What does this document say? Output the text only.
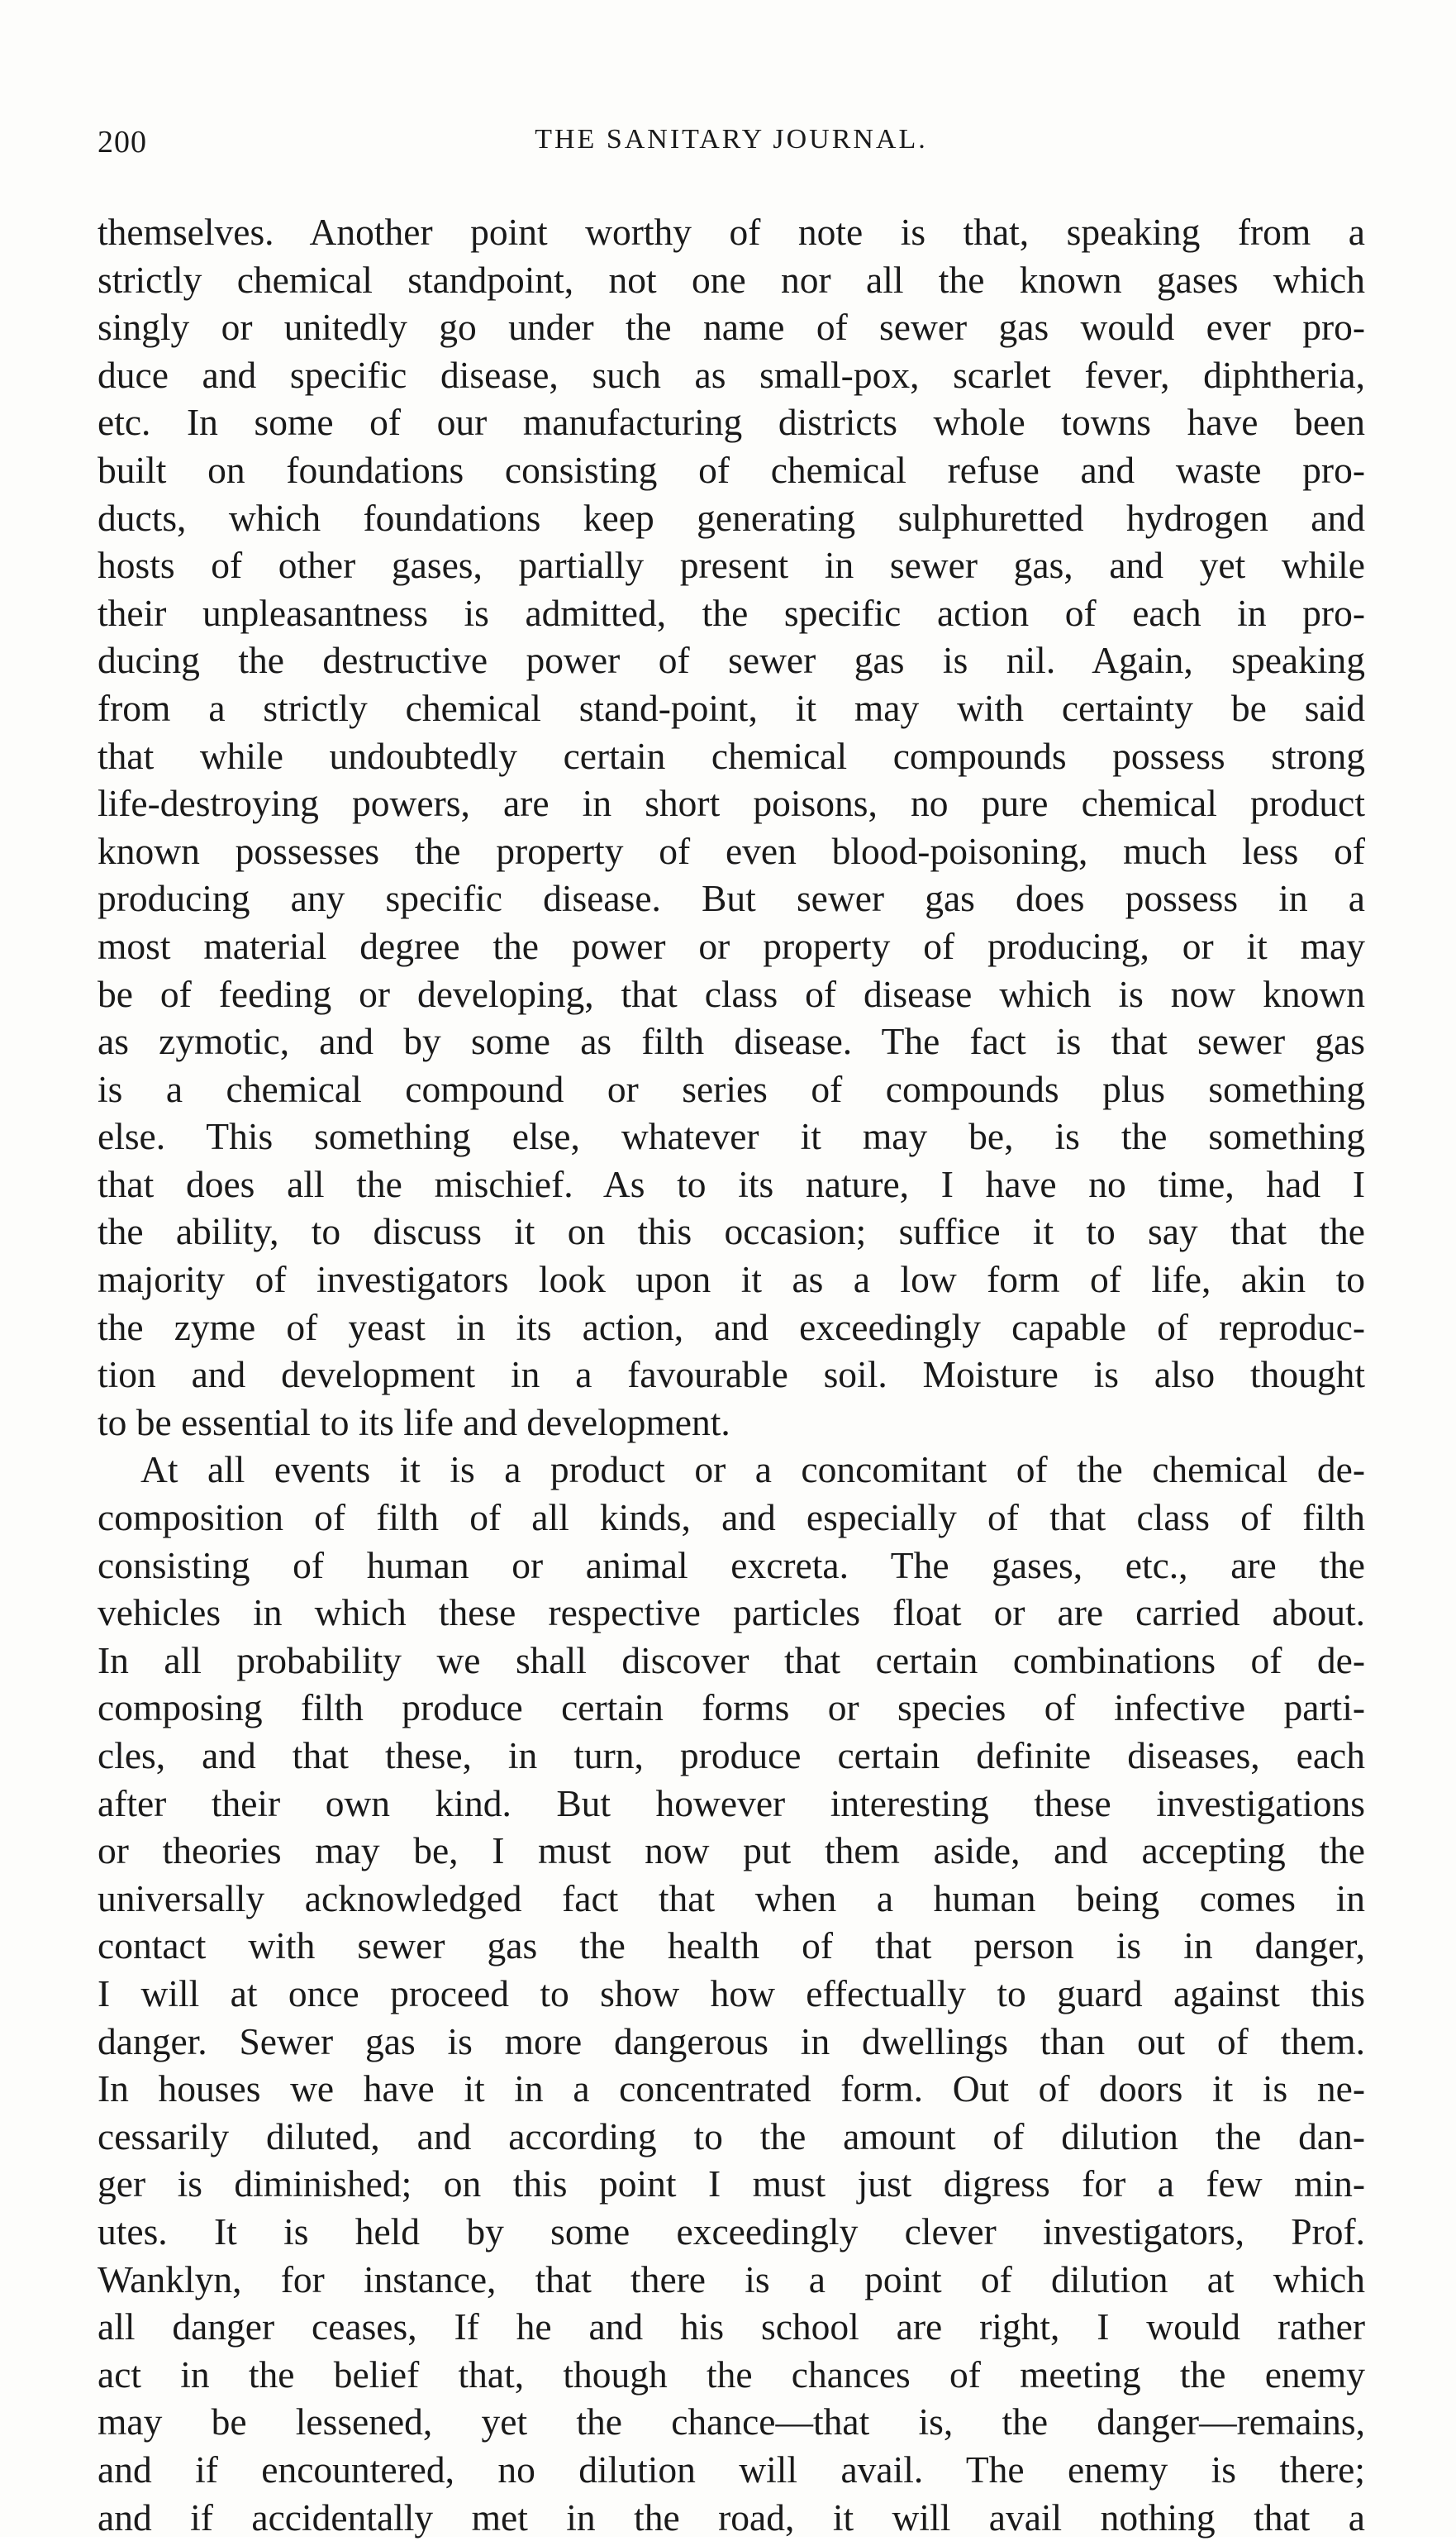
200	THE SANITARY JOURNAL.

themselves. Another point worthy of note is that, speaking from a

strictly chemical standpoint, not one nor all the known gases which

singly or unitedly go under the name of sewer gas would ever pro-

duce and specific disease, such as small-pox, scarlet fever, diphtheria,

etc. In some of our manufacturing districts whole towns have been

built on foundations consisting of chemical refuse and waste pro-

ducts, which foundations keep generating sulphuretted hydrogen and

hosts of other gases, partially present in sewer gas, and yet while

their unpleasantness is admitted, the specific action of each in pro-

ducing the destructive power of sewer gas is nil. Again, speaking

from a strictly chemical stand-point, it may with certainty be said

that while undoubtedly certain chemical compounds possess strong

life-destroying powers, are in short poisons, no pure chemical product

known possesses the property of even blood-poisoning, much less of

producing any specific disease. But sewer gas does possess in a

most material degree the power or property of producing, or it may

be of feeding or developing, that class of disease which is now known

as zymotic, and by some as filth disease. The fact is that sewer gas

is a chemical compound or series of compounds plus something

else. This something else, whatever it may be, is the something

that does all the mischief. As to its nature, I have no time, had I

the ability, to discuss it on this occasion; suffice it to say that the

majority of investigators look upon it as a low form of life, akin to

the zyme of yeast in its action, and exceedingly capable of reproduc-

tion and development in a favourable soil. Moisture is also thought

to be essential to its life and development.

At all events it is a product or a concomitant of the chemical de-

composition of filth of all kinds, and especially of that class of filth

consisting of human or animal excreta. The gases, etc., are the

vehicles in which these respective particles float or are carried about.

In all probability we shall discover that certain combinations of de-

composing filth produce certain forms or species of infective parti-

cles, and that these, in turn, produce certain definite diseases, each

after their own kind. But however interesting these investigations

or theories may be, I must now put them aside, and accepting the

universally acknowledged fact that when a human being comes in

contact with sewer gas the health of that person is in danger,

I will at once proceed to show how effectually to guard against this

danger. Sewer gas is more dangerous in dwellings than out of them.

In houses we have it in a concentrated form. Out of doors it is ne-

cessarily diluted, and according to the amount of dilution the dan-

ger is diminished; on this point I must just digress for a few min-

utes. It is held by some exceedingly clever investigators, Prof.

Wanklyn, for instance, that there is a point of dilution at which

all danger ceases, If he and his school are right, I would rather

act in the belief that, though the chances of meeting the enemy

may be lessened, yet the chance—that is, the danger—remains,

and if encountered, no dilution will avail. The enemy is there;

and if accidentally met in the road, it will avail nothing that a
